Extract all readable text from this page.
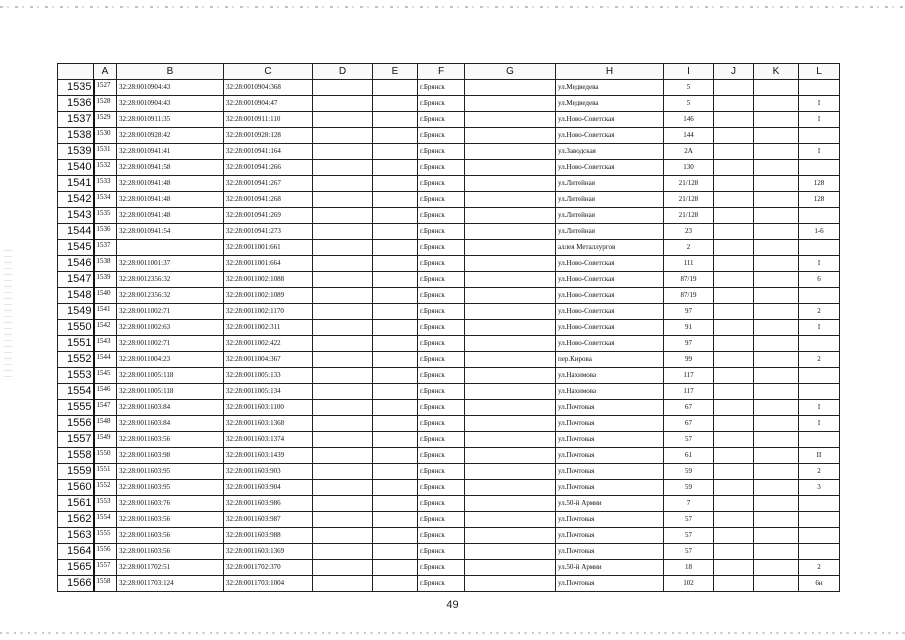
	A	B	C	D	E	F	G	H	I	J	K	L
1535	1527	32:28:0010904:43	32:28:0010904:368			г.Брянск		ул.Медведева	5			
1536	1528	32:28:0010904:43	32:28:0010904:47			г.Брянск		ул.Медведева	5			I
1537	1529	32:28:0010911:35	32:28:0010911:110			г.Брянск		ул.Ново-Советская	146			I
1538	1530	32:28:0010928:42	32:28:0010928:128			г.Брянск		ул.Ново-Советская	144			
1539	1531	32:28:0010941:41	32:28:0010941:164			г.Брянск		ул.Заводская	2А			I
1540	1532	32:28:0010941:58	32:28:0010941:266			г.Брянск		ул.Ново-Советская	130			
1541	1533	32:28:0010941:48	32:28:0010941:267			г.Брянск		ул.Литейная	21/128			128
1542	1534	32:28:0010941:48	32:28:0010941:268			г.Брянск		ул.Литейная	21/128			128
1543	1535	32:28:0010941:48	32:28:0010941:269			г.Брянск		ул.Литейная	21/128			
1544	1536	32:28:0010941:54	32:28:0010941:273			г.Брянск		ул.Литейная	23			1-6
1545	1537		32:28:0011001:661			г.Брянск		аллея Металлургов	2			
1546	1538	32:28:0011001:37	32:28:0011001:664			г.Брянск		ул.Ново-Советская	111			I
1547	1539	32:28:0012356:32	32:28:0011002:1088			г.Брянск		ул.Ново-Советская	87/19			6
1548	1540	32:28:0012356:32	32:28:0011002:1089			г.Брянск		ул.Ново-Советская	87/19			
1549	1541	32:28:0011002:71	32:28:0011002:1170			г.Брянск		ул.Ново-Советская	97			2
1550	1542	32:28:0011002:63	32:28:0011002:311			г.Брянск		ул.Ново-Советская	91			I
1551	1543	32:28:0011002:71	32:28:0011002:422			г.Брянск		ул.Ново-Советская	97			
1552	1544	32:28:0011004:23	32:28:0011004:367			г.Брянск		пер.Кирова	99			2
1553	1545	32:28:0011005:118	32:28:0011005:133			г.Брянск		ул.Нахимова	117			
1554	1546	32:28:0011005:118	32:28:0011005:134			г.Брянск		ул.Нахимова	117			
1555	1547	32:28:0011603:84	32:28:0011603:1100			г.Брянск		ул.Почтовая	67			I
1556	1548	32:28:0011603:84	32:28:0011603:1368			г.Брянск		ул.Почтовая	67			I
1557	1549	32:28:0011603:56	32:28:0011603:1374			г.Брянск		ул.Почтовая	57			
1558	1550	32:28:0011603:98	32:28:0011603:1439			г.Брянск		ул.Почтовая	61			II
1559	1551	32:28:0011603:95	32:28:0011603:903			г.Брянск		ул.Почтовая	59			2
1560	1552	32:28:0011603:95	32:28:0011603:904			г.Брянск		ул.Почтовая	59			3
1561	1553	32:28:0011603:76	32:28:0011603:986			г.Брянск		ул.50-й Армии	7			
1562	1554	32:28:0011603:56	32:28:0011603:987			г.Брянск		ул.Почтовая	57			
1563	1555	32:28:0011603:56	32:28:0011603:988			г.Брянск		ул.Почтовая	57			
1564	1556	32:28:0011603:56	32:28:0011603:1369			г.Брянск		ул.Почтовая	57			
1565	1557	32:28:0011702:51	32:28:0011702:370			г.Брянск		ул.50-й Армии	18			2
1566	1558	32:28:0011703:124	32:28:0011703:1004			г.Брянск		ул.Почтовая	102			6н
49
